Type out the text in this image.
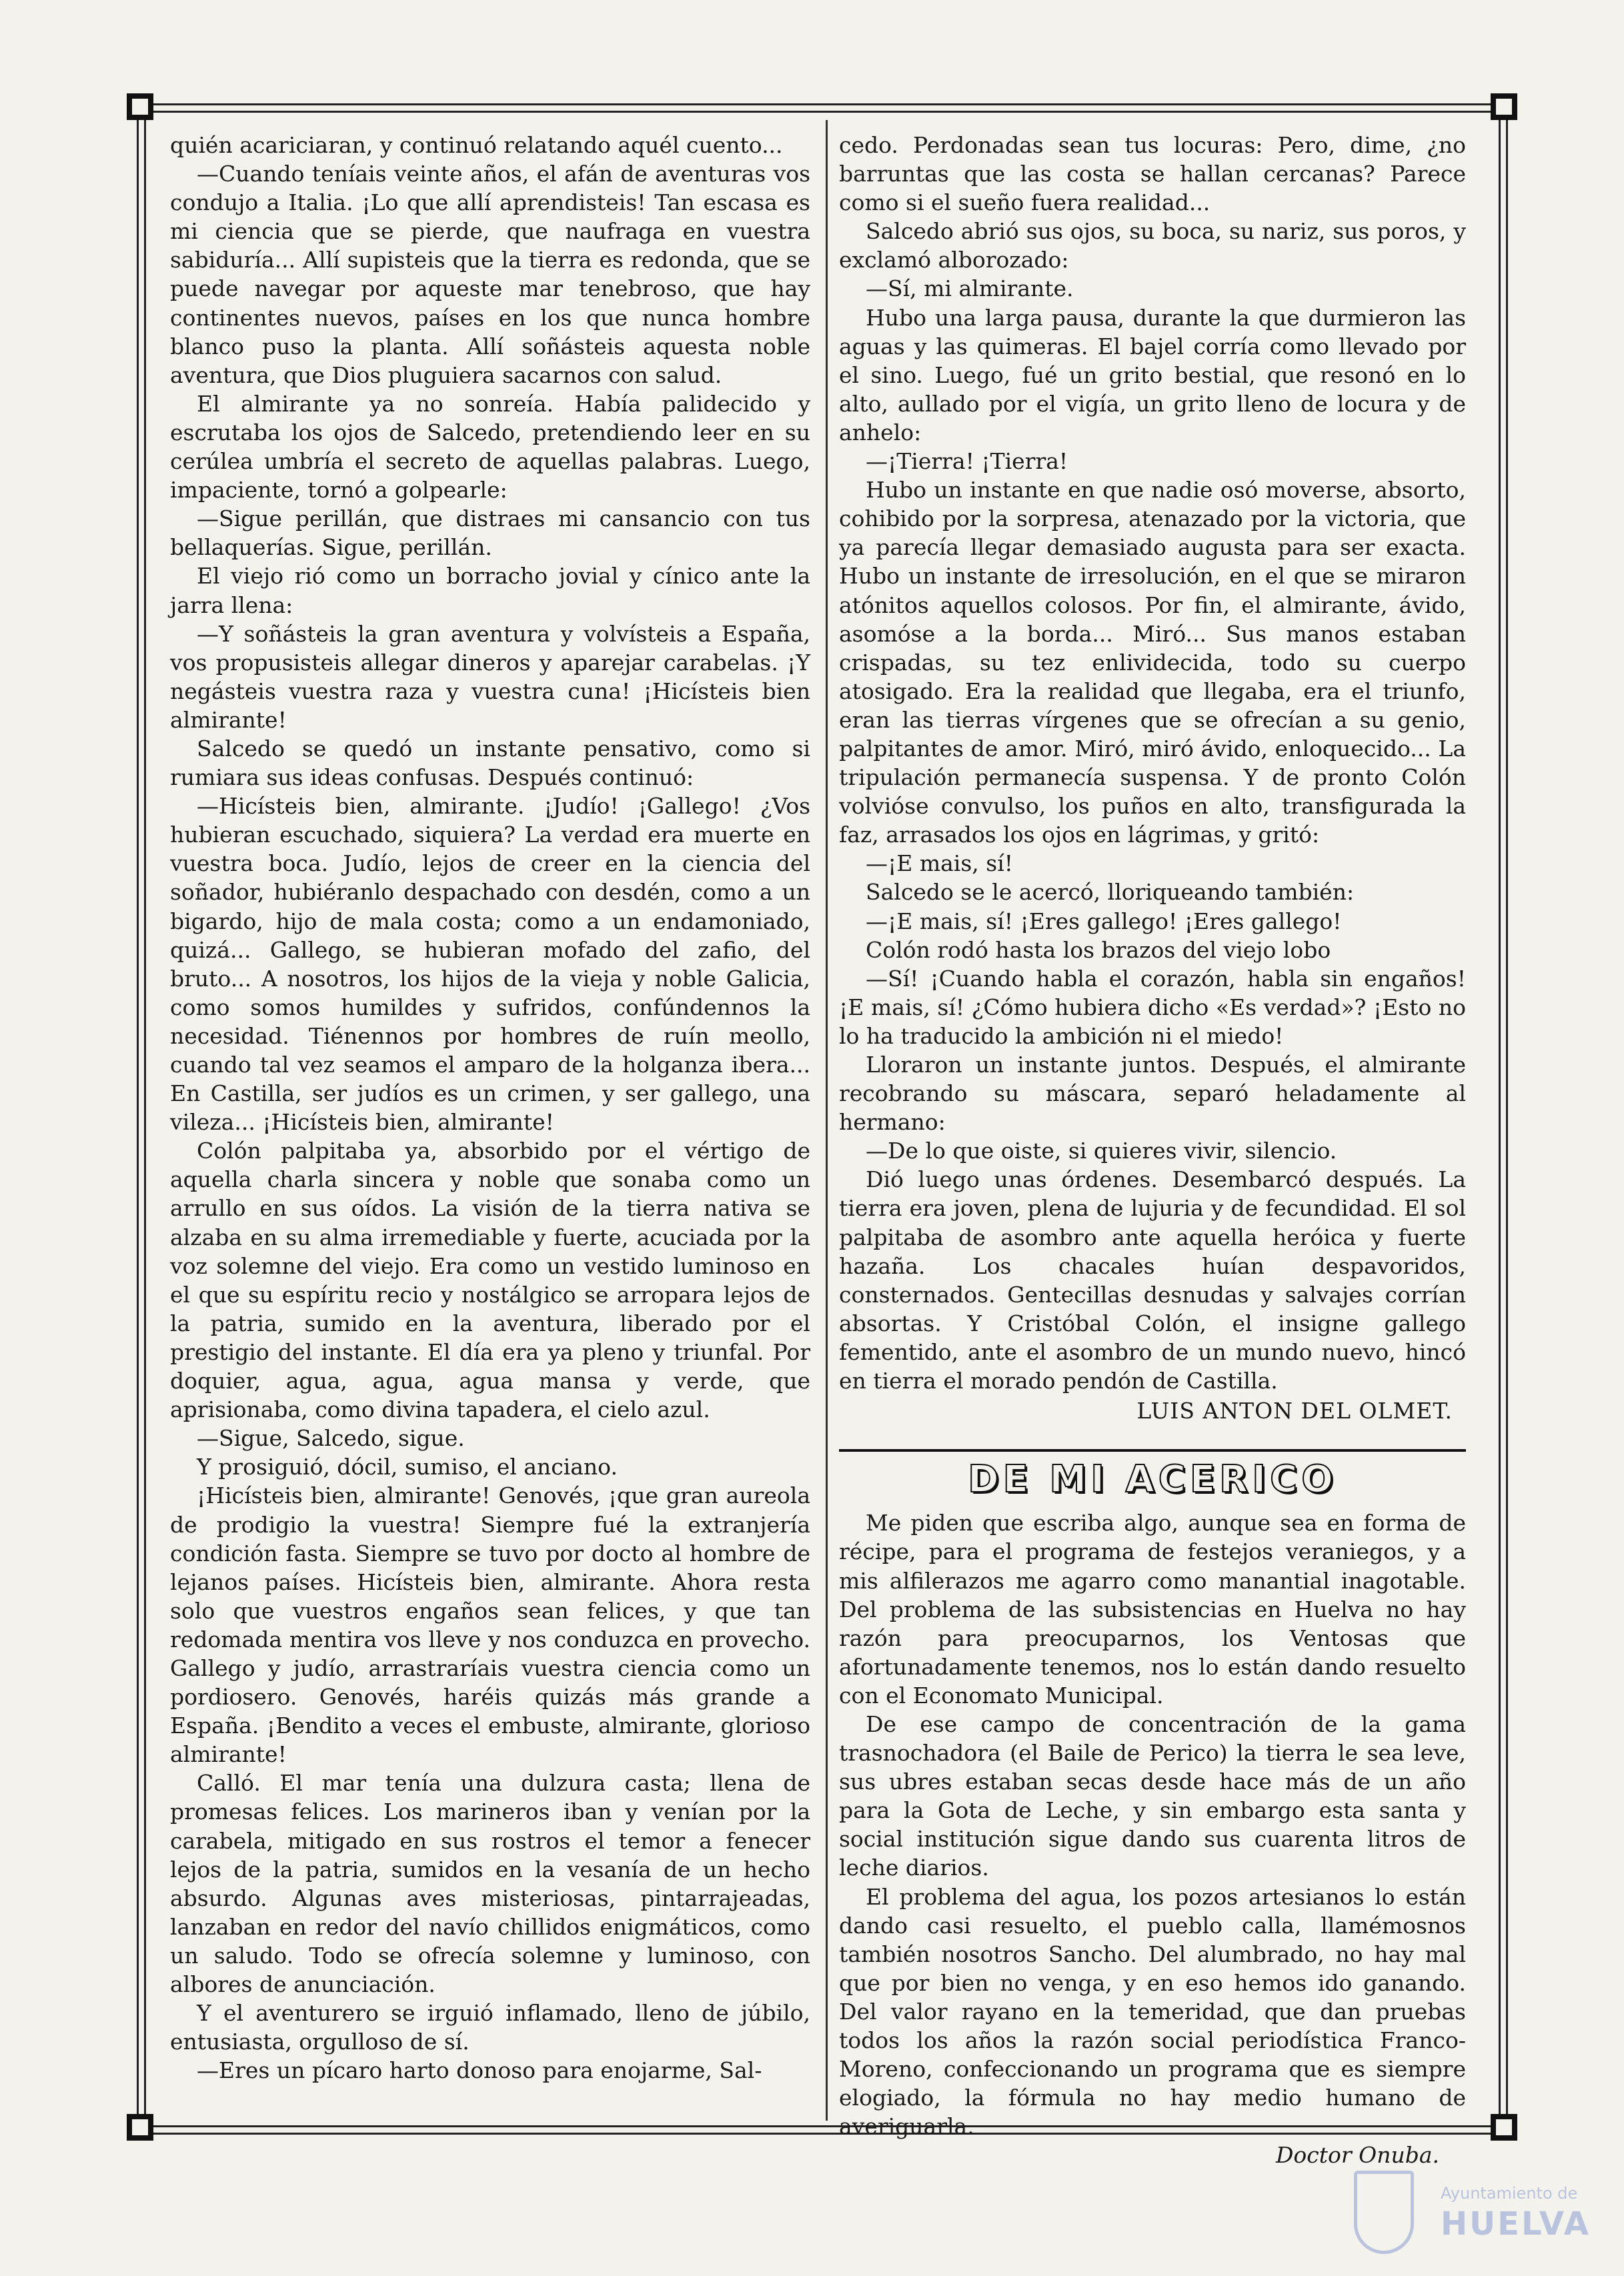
quién acariciaran, y continuó relatando aquél cuento...

—Cuando teníais veinte años, el afán de aventuras vos condujo a Italia. ¡Lo que allí aprendisteis! Tan escasa es mi ciencia que se pierde, que naufraga en vuestra sabiduría... Allí supisteis que la tierra es redonda, que se puede navegar por aqueste mar tenebroso, que hay continentes nuevos, países en los que nunca hombre blanco puso la planta. Allí soñásteis aquesta noble aventura, que Dios pluguiera sacarnos con salud.

El almirante ya no sonreía. Había palidecido y escrutaba los ojos de Salcedo, pretendiendo leer en su cerúlea umbría el secreto de aquellas palabras. Luego, impaciente, tornó a golpearle:

—Sigue perillán, que distraes mi cansancio con tus bellaquerías. Sigue, perillán.

El viejo rió como un borracho jovial y cínico ante la jarra llena:

—Y soñásteis la gran aventura y volvísteis a España, vos propusisteis allegar dineros y aparejar carabelas. ¡Y negásteis vuestra raza y vuestra cuna! ¡Hicísteis bien almirante!

Salcedo se quedó un instante pensativo, como si rumiara sus ideas confusas. Después continuó:

—Hicísteis bien, almirante. ¡Judío! ¡Gallego! ¿Vos hubieran escuchado, siquiera? La verdad era muerte en vuestra boca. Judío, lejos de creer en la ciencia del soñador, hubiéranlo despachado con desdén, como a un bigardo, hijo de mala costa; como a un endamoniado, quizá... Gallego, se hubieran mofado del zafio, del bruto... A nosotros, los hijos de la vieja y noble Galicia, como somos humildes y sufridos, confúndennos la necesidad. Tiénennos por hombres de ruín meollo, cuando tal vez seamos el amparo de la holganza ibera... En Castilla, ser judíos es un crimen, y ser gallego, una vileza... ¡Hicísteis bien, almirante!

Colón palpitaba ya, absorbido por el vértigo de aquella charla sincera y noble que sonaba como un arrullo en sus oídos. La visión de la tierra nativa se alzaba en su alma irremediable y fuerte, acuciada por la voz solemne del viejo. Era como un vestido luminoso en el que su espíritu recio y nostálgico se arropara lejos de la patria, sumido en la aventura, liberado por el prestigio del instante. El día era ya pleno y triunfal. Por doquier, agua, agua, agua mansa y verde, que aprisionaba, como divina tapadera, el cielo azul.

—Sigue, Salcedo, sigue.

Y prosiguió, dócil, sumiso, el anciano.

¡Hicísteis bien, almirante! Genovés, ¡que gran aureola de prodigio la vuestra! Siempre fué la extranjería condición fasta. Siempre se tuvo por docto al hombre de lejanos países. Hicísteis bien, almirante. Ahora resta solo que vuestros engaños sean felices, y que tan redomada mentira vos lleve y nos conduzca en provecho. Gallego y judío, arrastraríais vuestra ciencia como un pordiosero. Genovés, haréis quizás más grande a España. ¡Bendito a veces el embuste, almirante, glorioso almirante!

Calló. El mar tenía una dulzura casta; llena de promesas felices. Los marineros iban y venían por la carabela, mitigado en sus rostros el temor a fenecer lejos de la patria, sumidos en la vesanía de un hecho absurdo. Algunas aves misteriosas, pintarrajeadas, lanzaban en redor del navío chillidos enigmáticos, como un saludo. Todo se ofrecía solemne y luminoso, con albores de anunciación.

Y el aventurero se irguió inflamado, lleno de júbilo, entusiasta, orgulloso de sí.

—Eres un pícaro harto donoso para enojarme, Sal-

cedo. Perdonadas sean tus locuras: Pero, dime, ¿no barruntas que las costa se hallan cercanas? Parece como si el sueño fuera realidad...

Salcedo abrió sus ojos, su boca, su nariz, sus poros, y exclamó alborozado:

—Sí, mi almirante.

Hubo una larga pausa, durante la que durmieron las aguas y las quimeras. El bajel corría como llevado por el sino. Luego, fué un grito bestial, que resonó en lo alto, aullado por el vigía, un grito lleno de locura y de anhelo:

—¡Tierra! ¡Tierra!

Hubo un instante en que nadie osó moverse, absorto, cohibido por la sorpresa, atenazado por la victoria, que ya parecía llegar demasiado augusta para ser exacta. Hubo un instante de irresolución, en el que se miraron atónitos aquellos colosos. Por fin, el almirante, ávido, asomóse a la borda... Miró... Sus manos estaban crispadas, su tez enlividecida, todo su cuerpo atosigado. Era la realidad que llegaba, era el triunfo, eran las tierras vírgenes que se ofrecían a su genio, palpitantes de amor. Miró, miró ávido, enloquecido... La tripulación permanecía suspensa. Y de pronto Colón volvióse convulso, los puños en alto, transfigurada la faz, arrasados los ojos en lágrimas, y gritó:

—¡E mais, sí!

Salcedo se le acercó, lloriqueando también:

—¡E mais, sí! ¡Eres gallego! ¡Eres gallego!

Colón rodó hasta los brazos del viejo lobo

—Sí! ¡Cuando habla el corazón, habla sin engaños! ¡E mais, sí! ¿Cómo hubiera dicho «Es verdad»? ¡Esto no lo ha traducido la ambición ni el miedo!

Lloraron un instante juntos. Después, el almirante recobrando su máscara, separó heladamente al hermano:

—De lo que oiste, si quieres vivir, silencio.

Dió luego unas órdenes. Desembarcó después. La tierra era joven, plena de lujuria y de fecundidad. El sol palpitaba de asombro ante aquella heróica y fuerte hazaña. Los chacales huían despavoridos, consternados. Gentecillas desnudas y salvajes corrían absortas. Y Cristóbal Colón, el insigne gallego fementido, ante el asombro de un mundo nuevo, hincó en tierra el morado pendón de Castilla.

LUIS ANTON DEL OLMET.

DE MI ACERICO

Me piden que escriba algo, aunque sea en forma de récipe, para el programa de festejos veraniegos, y a mis alfilerazos me agarro como manantial inagotable. Del problema de las subsistencias en Huelva no hay razón para preocuparnos, los Ventosas que afortunadamente tenemos, nos lo están dando resuelto con el Economato Municipal.

De ese campo de concentración de la gama trasnochadora (el Baile de Perico) la tierra le sea leve, sus ubres estaban secas desde hace más de un año para la Gota de Leche, y sin embargo esta santa y social institución sigue dando sus cuarenta litros de leche diarios.

El problema del agua, los pozos artesianos lo están dando casi resuelto, el pueblo calla, llamémosnos también nosotros Sancho. Del alumbrado, no hay mal que por bien no venga, y en eso hemos ido ganando. Del valor rayano en la temeridad, que dan pruebas todos los años la razón social periodística Franco-Moreno, confeccionando un programa que es siempre elogiado, la fórmula no hay medio humano de averiguarla.

Doctor Onuba.

Ayuntamiento de
HUELVA
